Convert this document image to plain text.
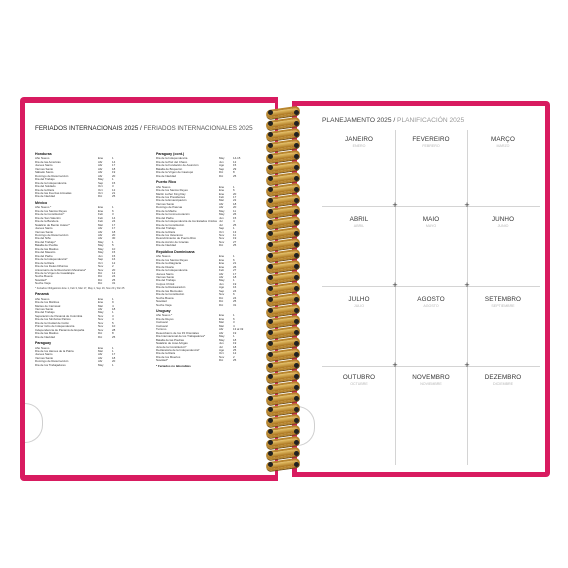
FERIADOS INTERNACIONAIS 2025 / FERIADOS INTERNACIONALES 2025
Honduras
Año Nuevo	Ene	1
Día de las Américas	Abr	14
Jueves Santo	Abr	17
Viernes Santo	Abr	18
Sábado Santo	Abr	19
Domingo de Resurrección	Abr	20
Día del Trabajo	May	1
Día de la Independencia	Sep	15
Día del Soldado	Oct	3
Día de la Raza	Oct	12
Día de las Fuerzas Armadas	Oct	21
Día de Navidad	Dic	25
México
Año Nuevo *	Ene	1
Día de los Santos Reyes	Ene	6
Día de la Constitución*	Feb	3
Día de San Valentín	Feb	14
Día de la Bandera	Feb	24
Natalicio de Benito Juárez*	Mar	17
Jueves Santo	Abr	17
Viernes Santo	Abr	18
Domingo de Resurrección	Abr	20
Día del Niño	Abr	30
Día del Trabajo*	May	1
Batalla de Puebla	May	5
Día de las Madres	May	10
Día del Maestro	May	15
Día del Padre	Jun	15
Día de la Independencia*	Sep	16
Día de la Raza	Oct	12
Día de los Fieles Difuntos	Nov	2
Aniversario de la Revolución Mexicana*	Nov	20
Día de la Virgen de Guadalupe	Dic	12
Noche Buena	Dic	24
Navidad*	Dic	25
Noche Vieja	Dic	31
* Feriados Obligatorios Ene 1, Feb 3, Mar 17, May 1, Sep 16, Nov 20 y Dic 25
Panamá
Año Nuevo	Ene	1
Día de los Mártires	Ene	9
Martes de Carnaval	Mar	4
Viernes Santo	Abr	18
Día del Trabajo	May	1
Separación de Panamá de Colombia	Nov	3
Día de los Símbolos Patrios	Nov	4
Día de la Ciudad de Colón	Nov	5
Primer Grito de Independencia	Nov	10
Independencia de Panamá de España	Nov	28
Día de las Madres	Dic	8
Día de Navidad	Dic	25
Paraguay
Año Nuevo	Ene	1
Día de los Héroes de la Patria	Mar	1
Jueves Santo	Abr	17
Viernes Santo	Abr	18
Domingo de Resurrección	Abr	20
Día de los Trabajadores	May	1
Paraguay (cont.)
Día de la Independencia	May	14-15
Día de la Paz del Chaco	Jun	12
Día de la Fundación de Asunción	Ago	15
Batalla de Boquerón	Sep	29
Día de la Virgen de Caacupé	Dic	8
Día de Navidad	Dic	25
Puerto Rico
Año Nuevo	Ene	1
Día de los Santos Reyes	Ene	6
Martin Luther King Day	Ene	20
Día de los Presidentes	Feb	17
Día de la Emancipación	Mar	22
Viernes Santo	Abr	18
Domingo de Pascua	Abr	20
Día de la Madre	May	11
Día de la Conmemoración	May	26
Día del Padre	Jun	15
Día de la Independencia de los Estados Unidos Jul	4
Día de la Constitución	Jul	25
Día del Trabajo	Sep	1
Día de la Raza	Oct	13
Día de los Veteranos	Nov	11
Descubrimiento de Puerto Rico	Nov	19
Día de Acción de Gracias	Nov	27
Día de Navidad	Dic	25
República Dominicana
Año Nuevo	Ene	1
Día de los Santos Reyes	Ene	6
Día de la Altagracia	Ene	21
Día de Duarte	Ene	26
Día de la Independencia	Feb	27
Jueves Santo	Abr	17
Viernes Santo	Abr	18
Día del Trabajo	May	1
Corpus Christi	Jun	19
Día de la Restauración	Ago	16
Día de las Mercedes	Sep	24
Día de la Constitución	Nov	6
Noche Buena	Dic	24
Navidad	Dic	25
Noche Vieja	Dic	31
Uruguay
Año Nuevo *	Ene	1
Día de Reyes	Ene	6
Carnaval	Mar	3
Carnaval	Mar	4
Turismo	Abr	13 al 19
Desembarco de los 33 Orientales	Abr	19
Día Internacional de los Trabajadores*	May	1
Batalla de las Piedras	May	18
Natalicio de José Artigas	Jun	19
Jura de la Constitución*	Jul	18
Declaratoria de la Independencia*	Ago	25
Día de la Raza	Oct	12
Día de los Muertos	Nov	2
Navidad*	Dic	25
* Feriados no laborables
PLANEJAMENTO 2025 / PLANIFICACIÓN 2025
+	+
+	+
+	+
JANEIRO
ENERO
FEVEREIRO
FEBRERO
MARÇO
MARZO
ABRIL
ABRIL
MAIO
MAYO
JUNHO
JUNIO
JULHO
JULIO
AGOSTO
AGOSTO
SETEMBRO
SEPTIEMBRE
OUTUBRO
OCTUBRE
NOVEMBRO
NOVIEMBRE
DEZEMBRO
DICIEMBRE
